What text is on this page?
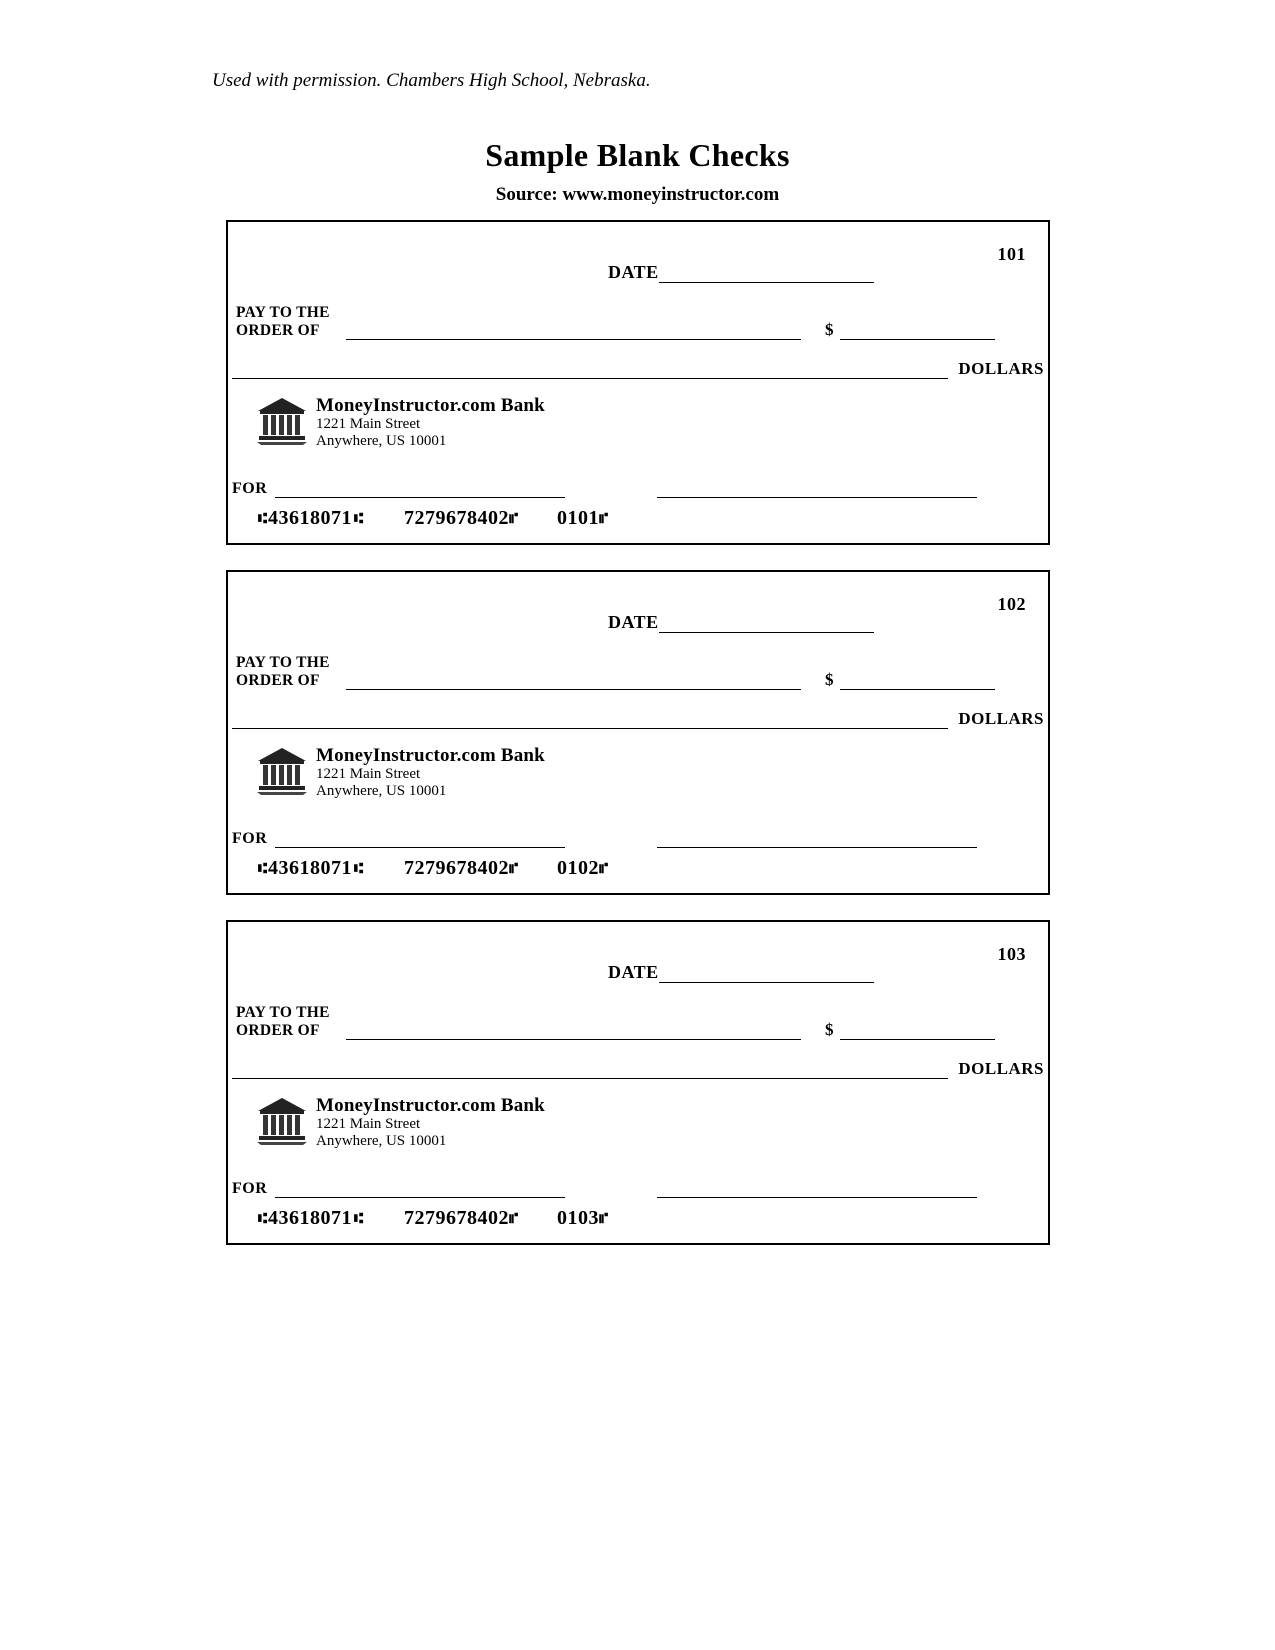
Used with permission. Chambers High School, Nebraska.
Sample Blank Checks
Source: www.moneyinstructor.com
101
DATE
PAY TO THE
ORDER OF	$
DOLLARS
MoneyInstructor.com Bank
1221 Main Street
Anywhere, US 10001
FOR
⑆ 43618071 ⑆ 7279678402 ⑈ 0101 ⑈
102
DATE
PAY TO THE
ORDER OF	$
DOLLARS
MoneyInstructor.com Bank
1221 Main Street
Anywhere, US 10001
FOR
⑆ 43618071 ⑆ 7279678402 ⑈ 0102 ⑈
103
DATE
PAY TO THE
ORDER OF	$
DOLLARS
MoneyInstructor.com Bank
1221 Main Street
Anywhere, US 10001
FOR
⑆ 43618071 ⑆ 7279678402 ⑈ 0103 ⑈
